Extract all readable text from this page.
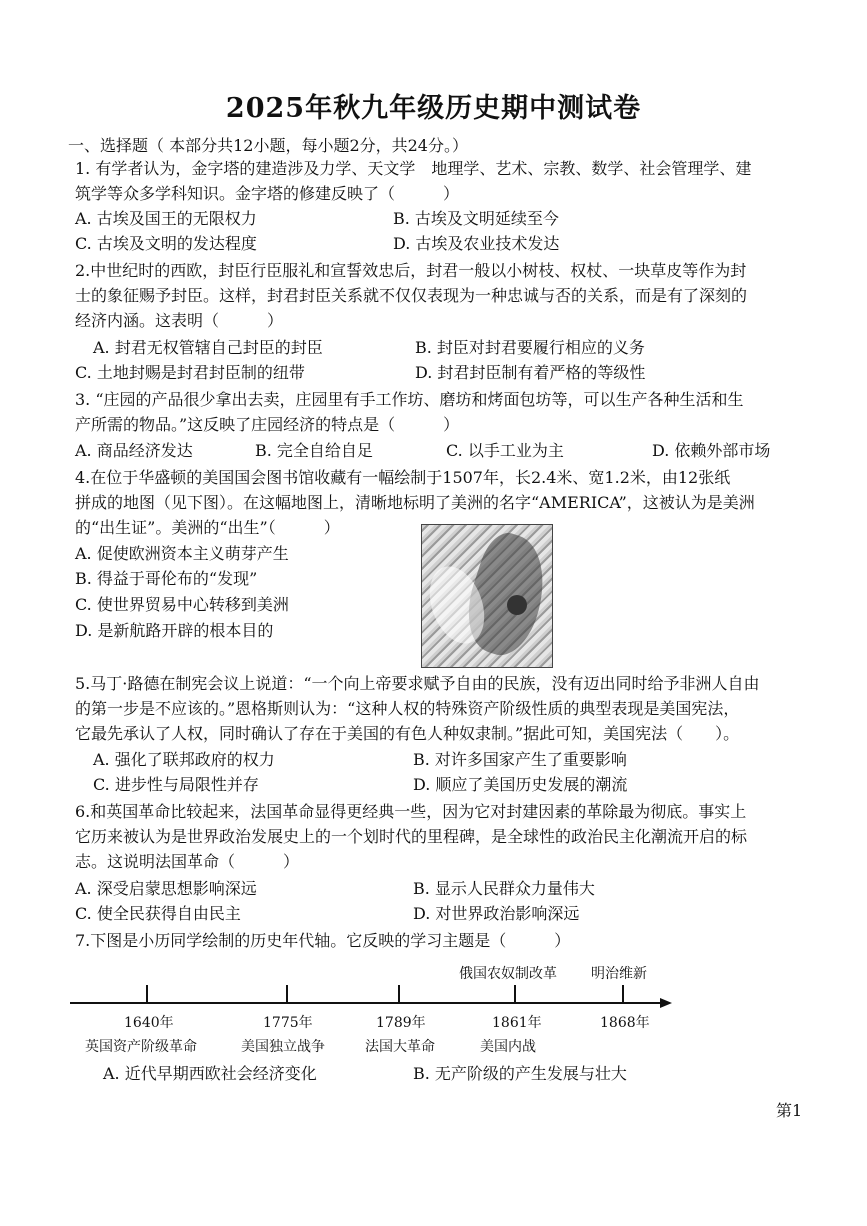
2025年秋九年级历史期中测试卷
一、选择题（ 本部分共12小题，每小题2分，共24分。）
1. 有学者认为，金字塔的建造涉及力学、天文学　地理学、艺术、宗教、数学、社会管理学、建
筑学等众多学科知识。金字塔的修建反映了（　　　）
A. 古埃及国王的无限权力	B. 古埃及文明延续至今
C. 古埃及文明的发达程度	D. 古埃及农业技术发达
2.中世纪时的西欧，封臣行臣服礼和宣誓效忠后，封君一般以小树枝、权杖、一块草皮等作为封
士的象征赐予封臣。这样，封君封臣关系就不仅仅表现为一种忠诚与否的关系，而是有了深刻的
经济内涵。这表明（　　　）
A. 封君无权管辖自己封臣的封臣	B. 封臣对封君要履行相应的义务
C. 土地封赐是封君封臣制的纽带	D. 封君封臣制有着严格的等级性
3. “庄园的产品很少拿出去卖，庄园里有手工作坊、磨坊和烤面包坊等，可以生产各种生活和生
产所需的物品。”这反映了庄园经济的特点是（　　　）
A. 商品经济发达	B. 完全自给自足	C. 以手工业为主	D. 依赖外部市场
4.在位于华盛顿的美国国会图书馆收藏有一幅绘制于1507年，长2.4米、宽1.2米，由12张纸
拼成的地图（见下图）。在这幅地图上，清晰地标明了美洲的名字“AMERICA”，这被认为是美洲
的“出生证”。美洲的“出生”（　　　）
A. 促使欧洲资本主义萌芽产生
B. 得益于哥伦布的“发现”
C. 使世界贸易中心转移到美洲
D. 是新航路开辟的根本目的
5.马丁·路德在制宪会议上说道：“一个向上帝要求赋予自由的民族，没有迈出同时给予非洲人自由
的第一步是不应该的。”恩格斯则认为：“这种人权的特殊资产阶级性质的典型表现是美国宪法，
它最先承认了人权，同时确认了存在于美国的有色人种奴隶制。”据此可知，美国宪法（　　）。
A. 强化了联邦政府的权力	B. 对许多国家产生了重要影响
C. 进步性与局限性并存	D. 顺应了美国历史发展的潮流
6.和英国革命比较起来，法国革命显得更经典一些，因为它对封建因素的革除最为彻底。事实上
它历来被认为是世界政治发展史上的一个划时代的里程碑，是全球性的政治民主化潮流开启的标
志。这说明法国革命（　　　）
A. 深受启蒙思想影响深远	B. 显示人民群众力量伟大
C. 使全民获得自由民主	D. 对世界政治影响深远
7.下图是小历同学绘制的历史年代轴。它反映的学习主题是（　　　）
俄国农奴制改革 明治维新
1640年	1775年	1789年	1861年	1868年
英国资产阶级革命	美国独立战争	法国大革命	美国内战
A. 近代早期西欧社会经济变化	B. 无产阶级的产生发展与壮大
第1
